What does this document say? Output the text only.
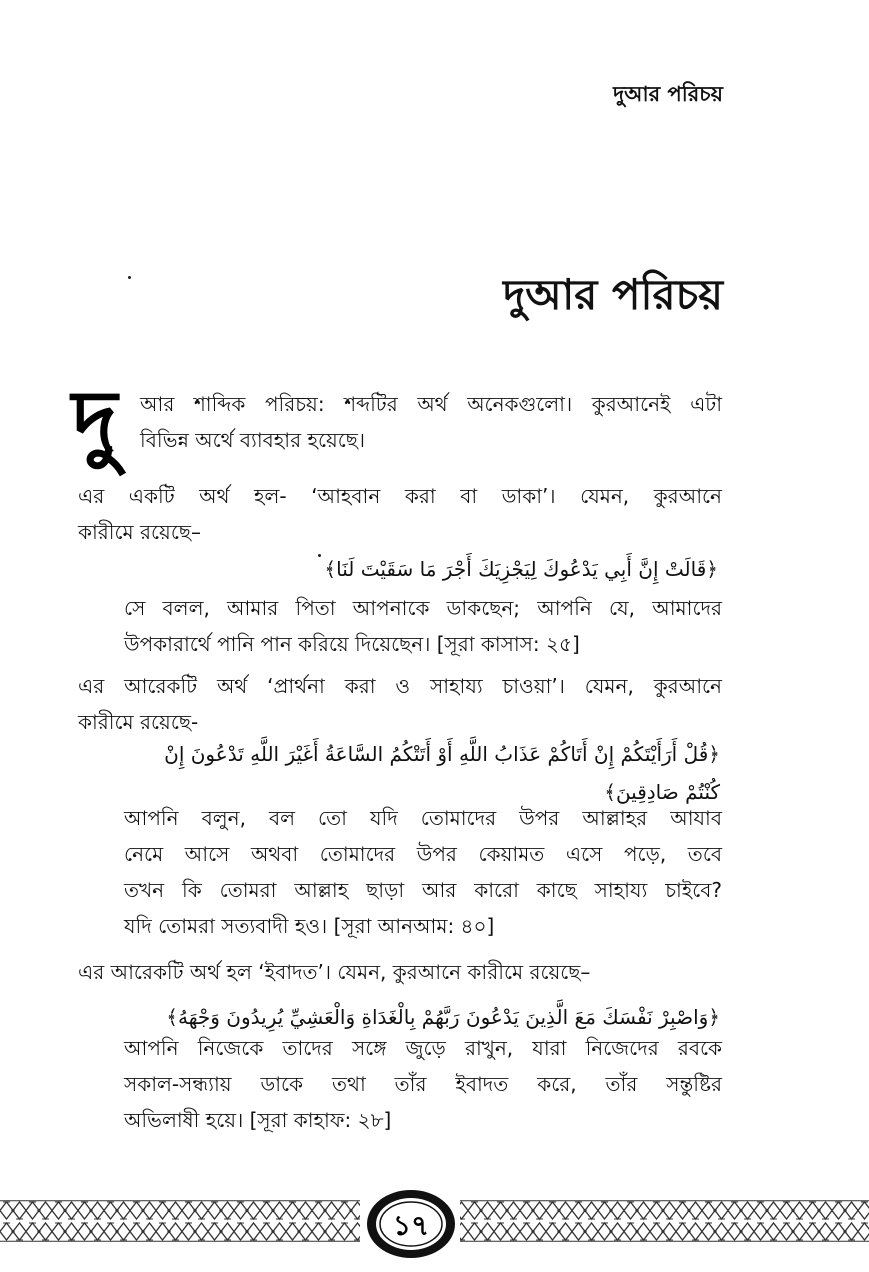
দুআর পরিচয়
দুআর পরিচয়
দু	আর শাব্দিক পরিচয়: শব্দটির অর্থ অনেকগুলো। কুরআনেই এটা
বিভিন্ন অর্থে ব্যাবহার হয়েছে।
এর একটি অর্থ হল- ‘আহবান করা বা ডাকা’। যেমন, কুরআনে
কারীমে রয়েছে–
﴿قَالَتْ إِنَّ أَبِي يَدْعُوكَ لِيَجْزِيَكَ أَجْرَ مَا سَقَيْتَ لَنَا﴾
সে বলল, আমার পিতা আপনাকে ডাকছেন; আপনি যে, আমাদের
উপকারার্থে পানি পান করিয়ে দিয়েছেন। [সূরা কাসাস: ২৫]
এর আরেকটি অর্থ ‘প্রার্থনা করা ও সাহায্য চাওয়া’। যেমন, কুরআনে
কারীমে রয়েছে-
﴿قُلْ أَرَأَيْتَكُمْ إِنْ أَتَاكُمْ عَذَابُ اللَّهِ أَوْ أَتَتْكُمُ السَّاعَةُ أَغَيْرَ اللَّهِ تَدْعُونَ إِنْ
كُنْتُمْ صَادِقِينَ﴾
আপনি বলুন, বল তো যদি তোমাদের উপর আল্লাহর আযাব
নেমে আসে অথবা তোমাদের উপর কেয়ামত এসে পড়ে, তবে
তখন কি তোমরা আল্লাহ ছাড়া আর কারো কাছে সাহায্য চাইবে?
যদি তোমরা সত্যবাদী হও। [সূরা আনআম: ৪০]
এর আরেকটি অর্থ হল ‘ইবাদত’। যেমন, কুরআনে কারীমে রয়েছে–
﴿وَاصْبِرْ نَفْسَكَ مَعَ الَّذِينَ يَدْعُونَ رَبَّهُمْ بِالْغَدَاةِ وَالْعَشِيِّ يُرِيدُونَ وَجْهَهُ﴾
আপনি নিজেকে তাদের সঙ্গে জুড়ে রাখুন, যারা নিজেদের রবকে
সকাল-সন্ধ্যায় ডাকে তথা তাঁর ইবাদত করে, তাঁর সন্তুষ্টির
অভিলাষী হয়ে। [সূরা কাহাফ: ২৮]
১৭
